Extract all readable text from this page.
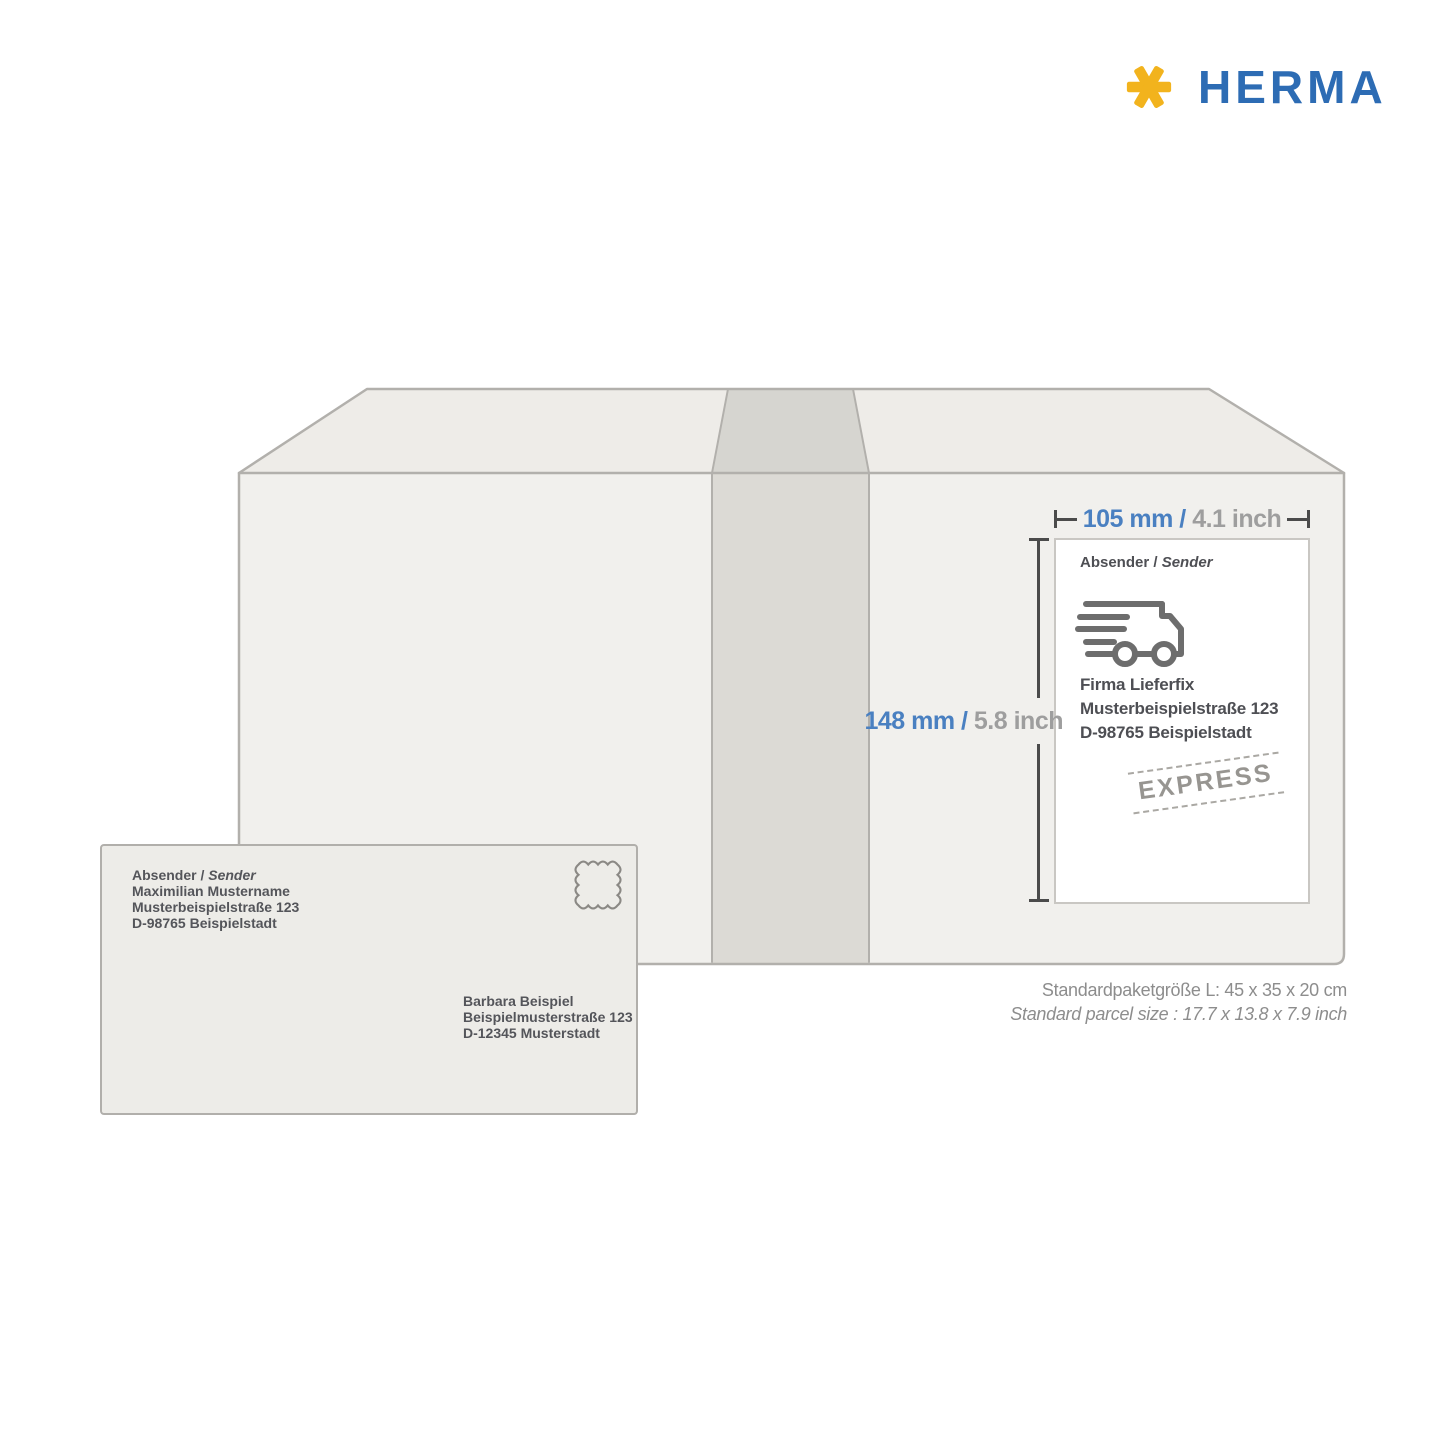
HERMA
105 mm / 4.1 inch
148 mm / 5.8 inch
Absender / Sender
Firma Lieferfix
Musterbeispielstraße 123
D-98765 Beispielstadt
EXPRESS
Standardpaketgröße L: 45 x 35 x 20 cm
Standard parcel size : 17.7 x 13.8 x 7.9 inch
Absender / Sender
Maximilian Mustername
Musterbeispielstraße 123
D-98765 Beispielstadt
Barbara Beispiel
Beispielmusterstraße 123
D-12345 Musterstadt
